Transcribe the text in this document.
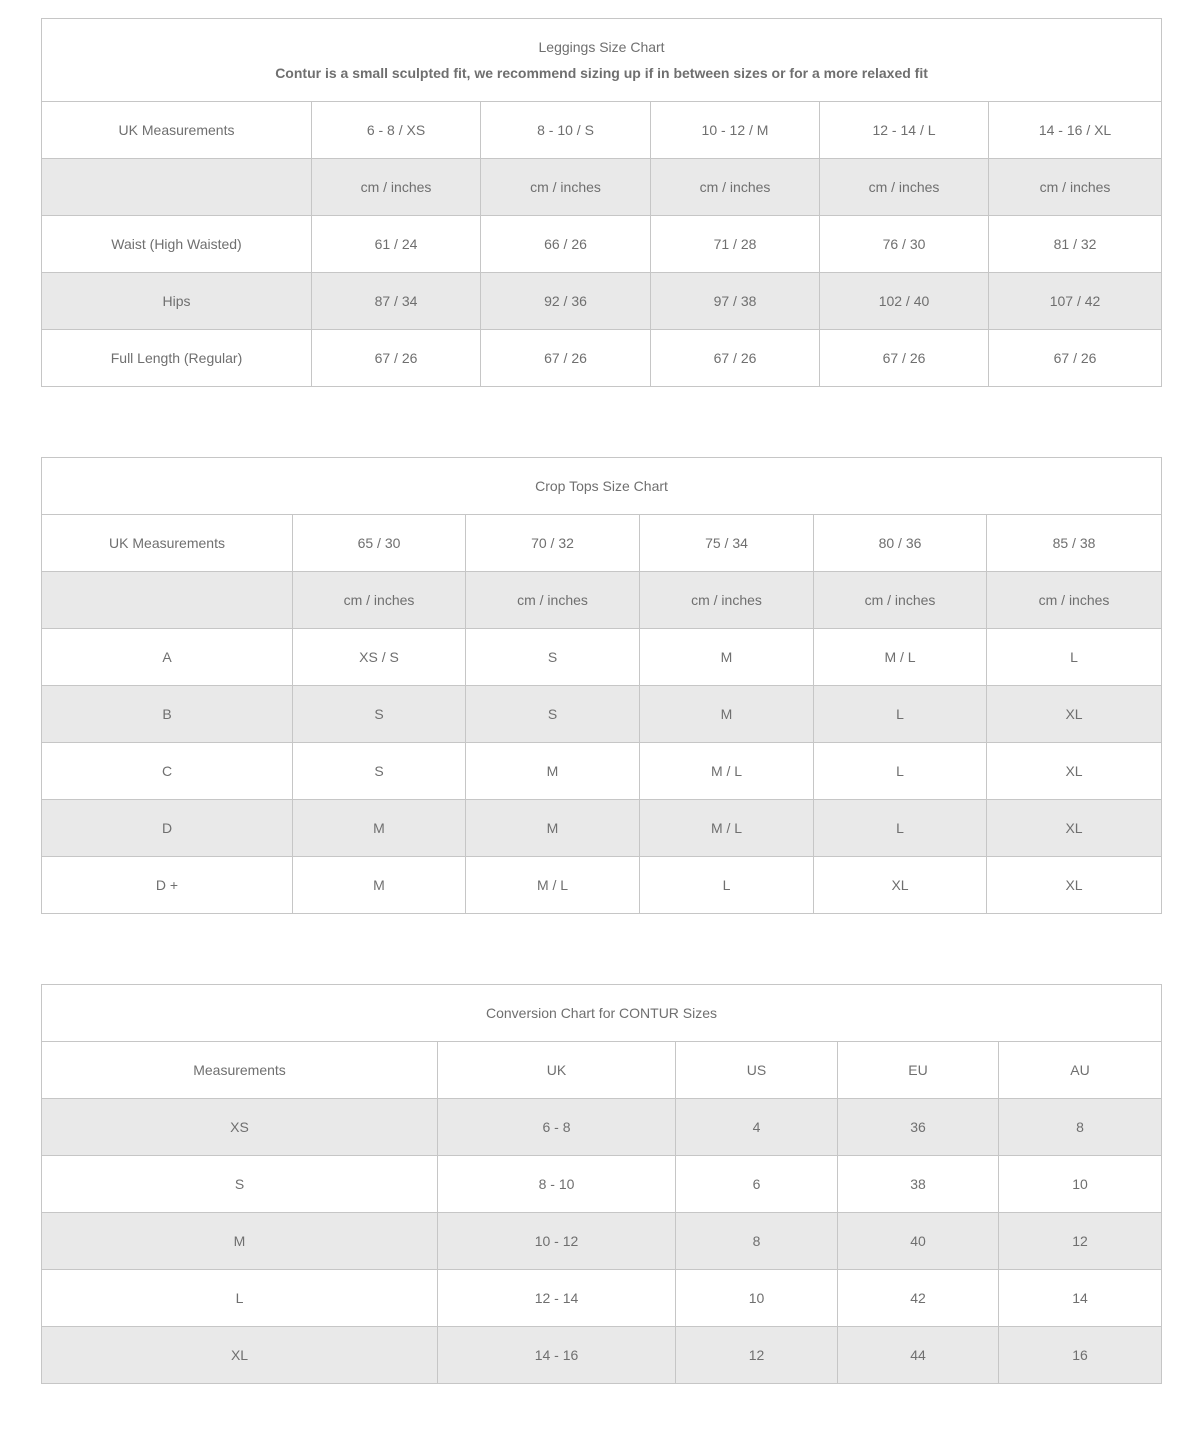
Leggings Size Chart
Contur is a small sculpted fit, we recommend sizing up if in between sizes or for a more relaxed fit					

UK Measurements	6 - 8 / XS	8 - 10 / S	10 - 12 / M	12 - 14 / L	14 - 16 / XL
	cm / inches	cm / inches	cm / inches	cm / inches	cm / inches
Waist (High Waisted)	61 / 24	66 / 26	71 / 28	76 / 30	81 / 32
Hips	87 / 34	92 / 36	97 / 38	102 / 40	107 / 42
Full Length (Regular)	67 / 26	67 / 26	67 / 26	67 / 26	67 / 26
Crop Tops Size Chart					
UK Measurements	65 / 30	70 / 32	75 / 34	80 / 36	85 / 38
	cm / inches	cm / inches	cm / inches	cm / inches	cm / inches
A	XS / S	S	M	M / L	L
B	S	S	M	L	XL
C	S	M	M / L	L	XL
D	M	M	M / L	L	XL
D +	M	M / L	L	XL	XL
Conversion Chart for CONTUR Sizes				
Measurements	UK	US	EU	AU
XS	6 - 8	4	36	8
S	8 - 10	6	38	10
M	10 - 12	8	40	12
L	12 - 14	10	42	14
XL	14 - 16	12	44	16
